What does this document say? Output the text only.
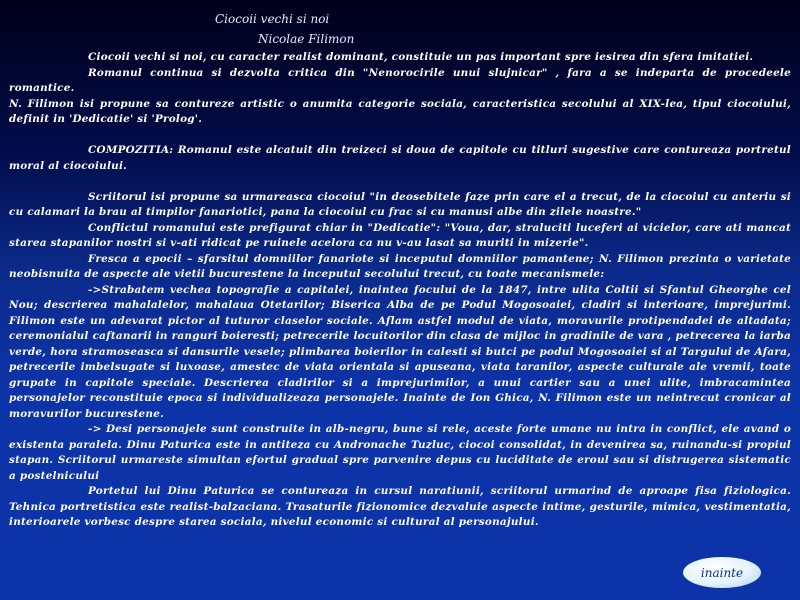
Ciocoii vechi si noi
Nicolae Filimon

Ciocoii vechi si noi, cu caracter realist dominant, constituie un pas important spre iesirea din sfera imitatiei.

Romanul continua si dezvolta critica din "Nenorocirile unui slujnicar" , fara a se indeparta de procedeele romantice.

N. Filimon isi propune sa contureze artistic o anumita categorie sociala, caracteristica secolului al XIX-lea, tipul ciocoiului, definit in 'Dedicatie' si 'Prolog'.

COMPOZITIA: Romanul este alcatuit din treizeci si doua de capitole cu titluri sugestive care contureaza portretul moral al ciocoiului.

Scriitorul isi propune sa urmareasca ciocoiul "in deosebitele faze prin care el a trecut, de la ciocoiul cu anteriu si cu calamari la brau al timpilor fanariotici, pana la ciocoiul cu frac si cu manusi albe din zilele noastre."

Conflictul romanului este prefigurat chiar in "Dedicatie": "Voua, dar, straluciti luceferi ai vicielor, care ati mancat starea stapanilor nostri si v-ati ridicat pe ruinele acelora ca nu v-au lasat sa muriti in mizerie".

Fresca a epocii – sfarsitul domniilor fanariote si inceputul domniilor pamantene; N. Filimon prezinta o varietate neobisnuita de aspecte ale vietii bucurestene la inceputul secolului trecut, cu toate mecanismele:

->Strabatem vechea topografie a capitalei, inaintea focului de la 1847, intre ulita Coltii si Sfantul Gheorghe cel Nou; descrierea mahalalelor, mahalaua Otetarilor; Biserica Alba de pe Podul Mogosoaiei, cladiri si interioare, imprejurimi. Filimon este un adevarat pictor al tuturor claselor sociale. Aflam astfel modul de viata, moravurile protipendadei de altadata; ceremonialul caftanarii in ranguri boieresti; petrecerile locuitorilor din clasa de mijloc in gradinile de vara , petrecerea la iarba verde, hora stramoseasca si dansurile vesele; plimbarea boierilor in calesti si butci pe podul Mogosoaiei si al Targului de Afara, petrecerile imbelsugate si luxoase, amestec de viata orientala si apuseana, viata taranilor, aspecte culturale ale vremii, toate grupate in capitole speciale. Descrierea cladirilor si a imprejurimilor, a unui cartier sau a unei ulite, imbracamintea personajelor reconstituie epoca si individualizeaza personajele. Inainte de Ion Ghica, N. Filimon este un neintrecut cronicar al moravurilor bucurestene.

-> Desi personajele sunt construite in alb-negru, bune si rele, aceste forte umane nu intra in conflict, ele avand o existenta paralela. Dinu Paturica este in antiteza cu Andronache Tuzluc, ciocoi consolidat, in devenirea sa, ruinandu-si propiul stapan. Scriitorul urmareste simultan efortul gradual spre parvenire depus cu luciditate de eroul sau si distrugerea sistematic a postelnicului

Portetul lui Dinu Paturica se contureaza in cursul naratiunii, scriitorul urmarind de aproape fisa fiziologica. Tehnica portretistica este realist-balzaciana. Trasaturile fizionomice dezvaluie aspecte intime, gesturile, mimica, vestimentatia, interioarele vorbesc despre starea sociala, nivelul economic si cultural al personajului.

inainte
